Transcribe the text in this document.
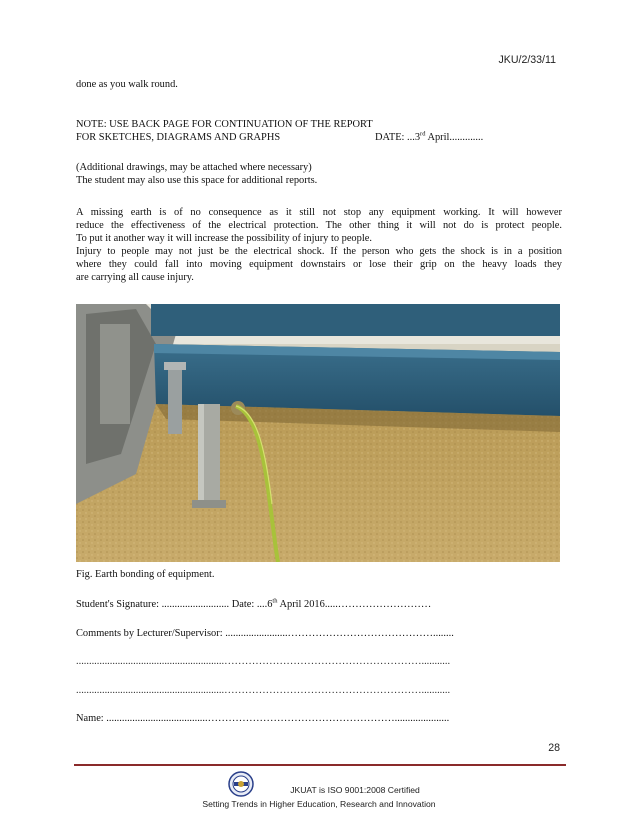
JKU/2/33/11
done as you walk round.
NOTE: USE BACK PAGE FOR CONTINUATION OF THE REPORT
FOR SKETCHES, DIAGRAMS AND GRAPHS	DATE: ...3rd April.............
(Additional drawings, may be attached where necessary)
The student may also use this space for additional reports.
A missing earth is of no consequence as it still not stop any equipment working. It will however
reduce the effectiveness of the electrical protection. The other thing it will not do is protect people.
To put it another way it will increase the possibility of injury to people.
Injury to people may not just be the electrical shock. If the person who gets the shock is in a position
where they could fall into moving equipment downstairs or lose their grip on the heavy loads they
are carrying all cause injury.
Fig. Earth bonding of equipment.
Student's Signature: .......................... Date: ....6th April 2016.....………………………
Comments by Lecturer/Supervisor: ........................……………………………………........
.........................................................…………………………………………………...........
.........................................................…………………………………………………...........
Name: .......................................……………………………………………….....................
28
JKUAT is ISO 9001:2008 Certified
Setting Trends in Higher Education, Research and Innovation
